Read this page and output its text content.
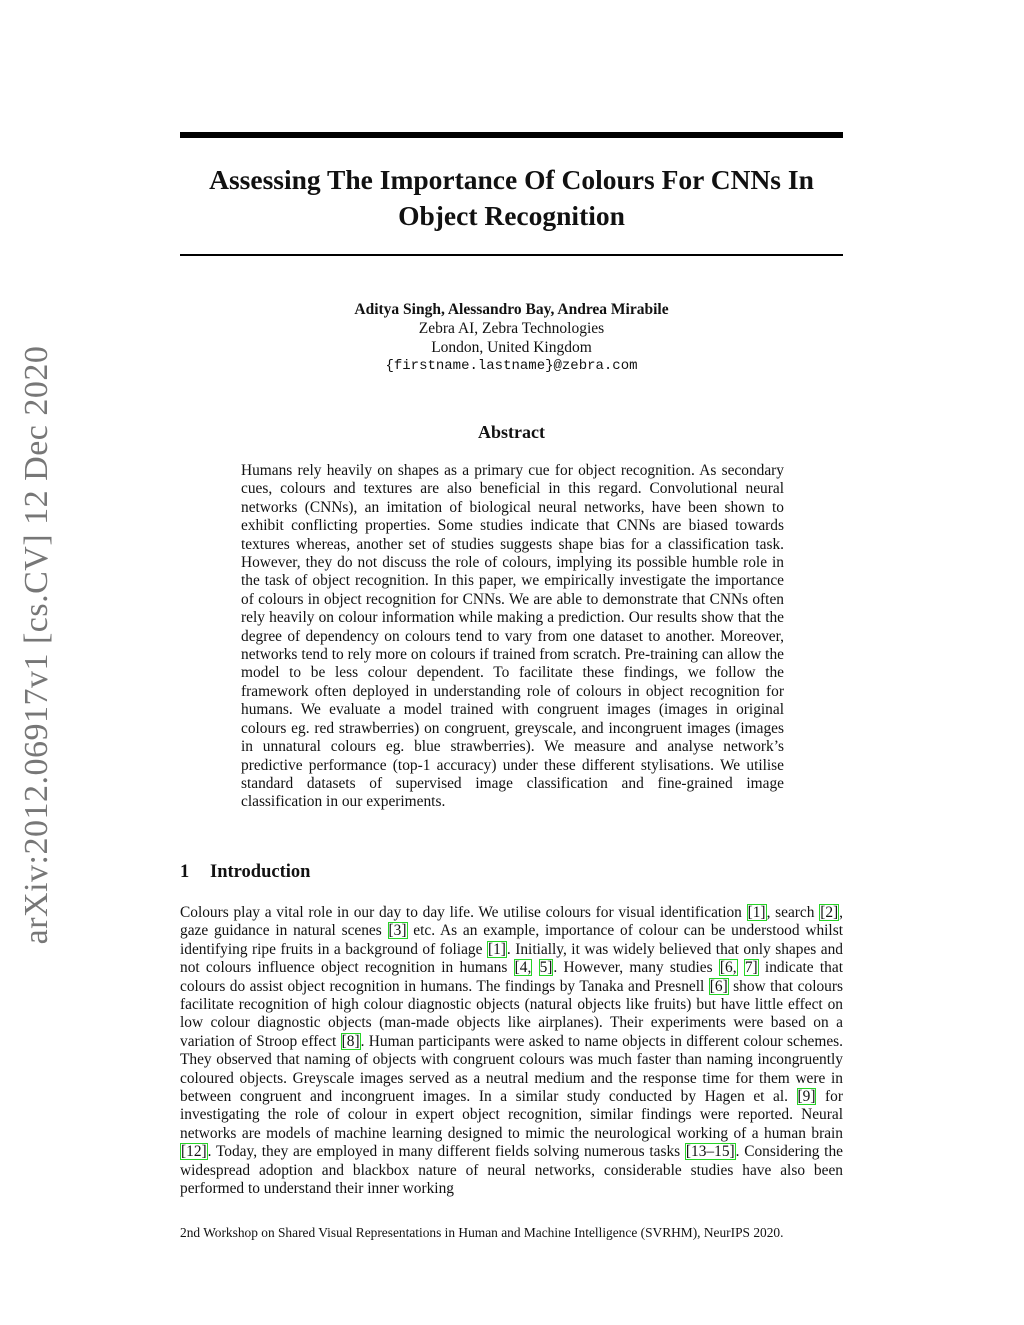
arXiv:2012.06917v1 [cs.CV] 12 Dec 2020
Assessing The Importance Of Colours For CNNs In
Object Recognition
Aditya Singh, Alessandro Bay, Andrea Mirabile
Zebra AI, Zebra Technologies
London, United Kingdom
{firstname.lastname}@zebra.com
Abstract

Humans rely heavily on shapes as a primary cue for object recognition. As secondary cues, colours and textures are also beneficial in this regard. Convolutional neural networks (CNNs), an imitation of biological neural networks, have been shown to exhibit conflicting properties. Some studies indicate that CNNs are biased towards textures whereas, another set of studies suggests shape bias for a classification task. However, they do not discuss the role of colours, implying its possible humble role in the task of object recognition. In this paper, we empirically investigate the importance of colours in object recognition for CNNs. We are able to demonstrate that CNNs often rely heavily on colour information while making a prediction. Our results show that the degree of dependency on colours tend to vary from one dataset to another. Moreover, networks tend to rely more on colours if trained from scratch. Pre-training can allow the model to be less colour dependent. To facilitate these findings, we follow the framework often deployed in understanding role of colours in object recognition for humans. We evaluate a model trained with congruent images (images in original colours eg. red strawberries) on congruent, greyscale, and incongruent images (images in unnatural colours eg. blue strawberries). We measure and analyse network’s predictive performance (top-1 accuracy) under these different stylisations. We utilise standard datasets of supervised image classification and fine-grained image classification in our experiments.

1 Introduction

Colours play a vital role in our day to day life. We utilise colours for visual identification [1], search [2], gaze guidance in natural scenes [3] etc. As an example, importance of colour can be understood whilst identifying ripe fruits in a background of foliage [1]. Initially, it was widely believed that only shapes and not colours influence object recognition in humans [4, 5]. However, many studies [6, 7] indicate that colours do assist object recognition in humans. The findings by Tanaka and Presnell [6] show that colours facilitate recognition of high colour diagnostic objects (natural objects like fruits) but have little effect on low colour diagnostic objects (man-made objects like airplanes). Their experiments were based on a variation of Stroop effect [8]. Human participants were asked to name objects in different colour schemes. They observed that naming of objects with congruent colours was much faster than naming incongruently coloured objects. Greyscale images served as a neutral medium and the response time for them were in between congruent and incongruent images. In a similar study conducted by Hagen et al. [9] for investigating the role of colour in expert object recognition, similar findings were reported. Neural networks are models of machine learning designed to mimic the neurological working of a human brain [12]. Today, they are employed in many different fields solving numerous tasks [13–15]. Considering the widespread adoption and blackbox nature of neural networks, considerable studies have also been performed to understand their inner working

2nd Workshop on Shared Visual Representations in Human and Machine Intelligence (SVRHM), NeurIPS 2020.
